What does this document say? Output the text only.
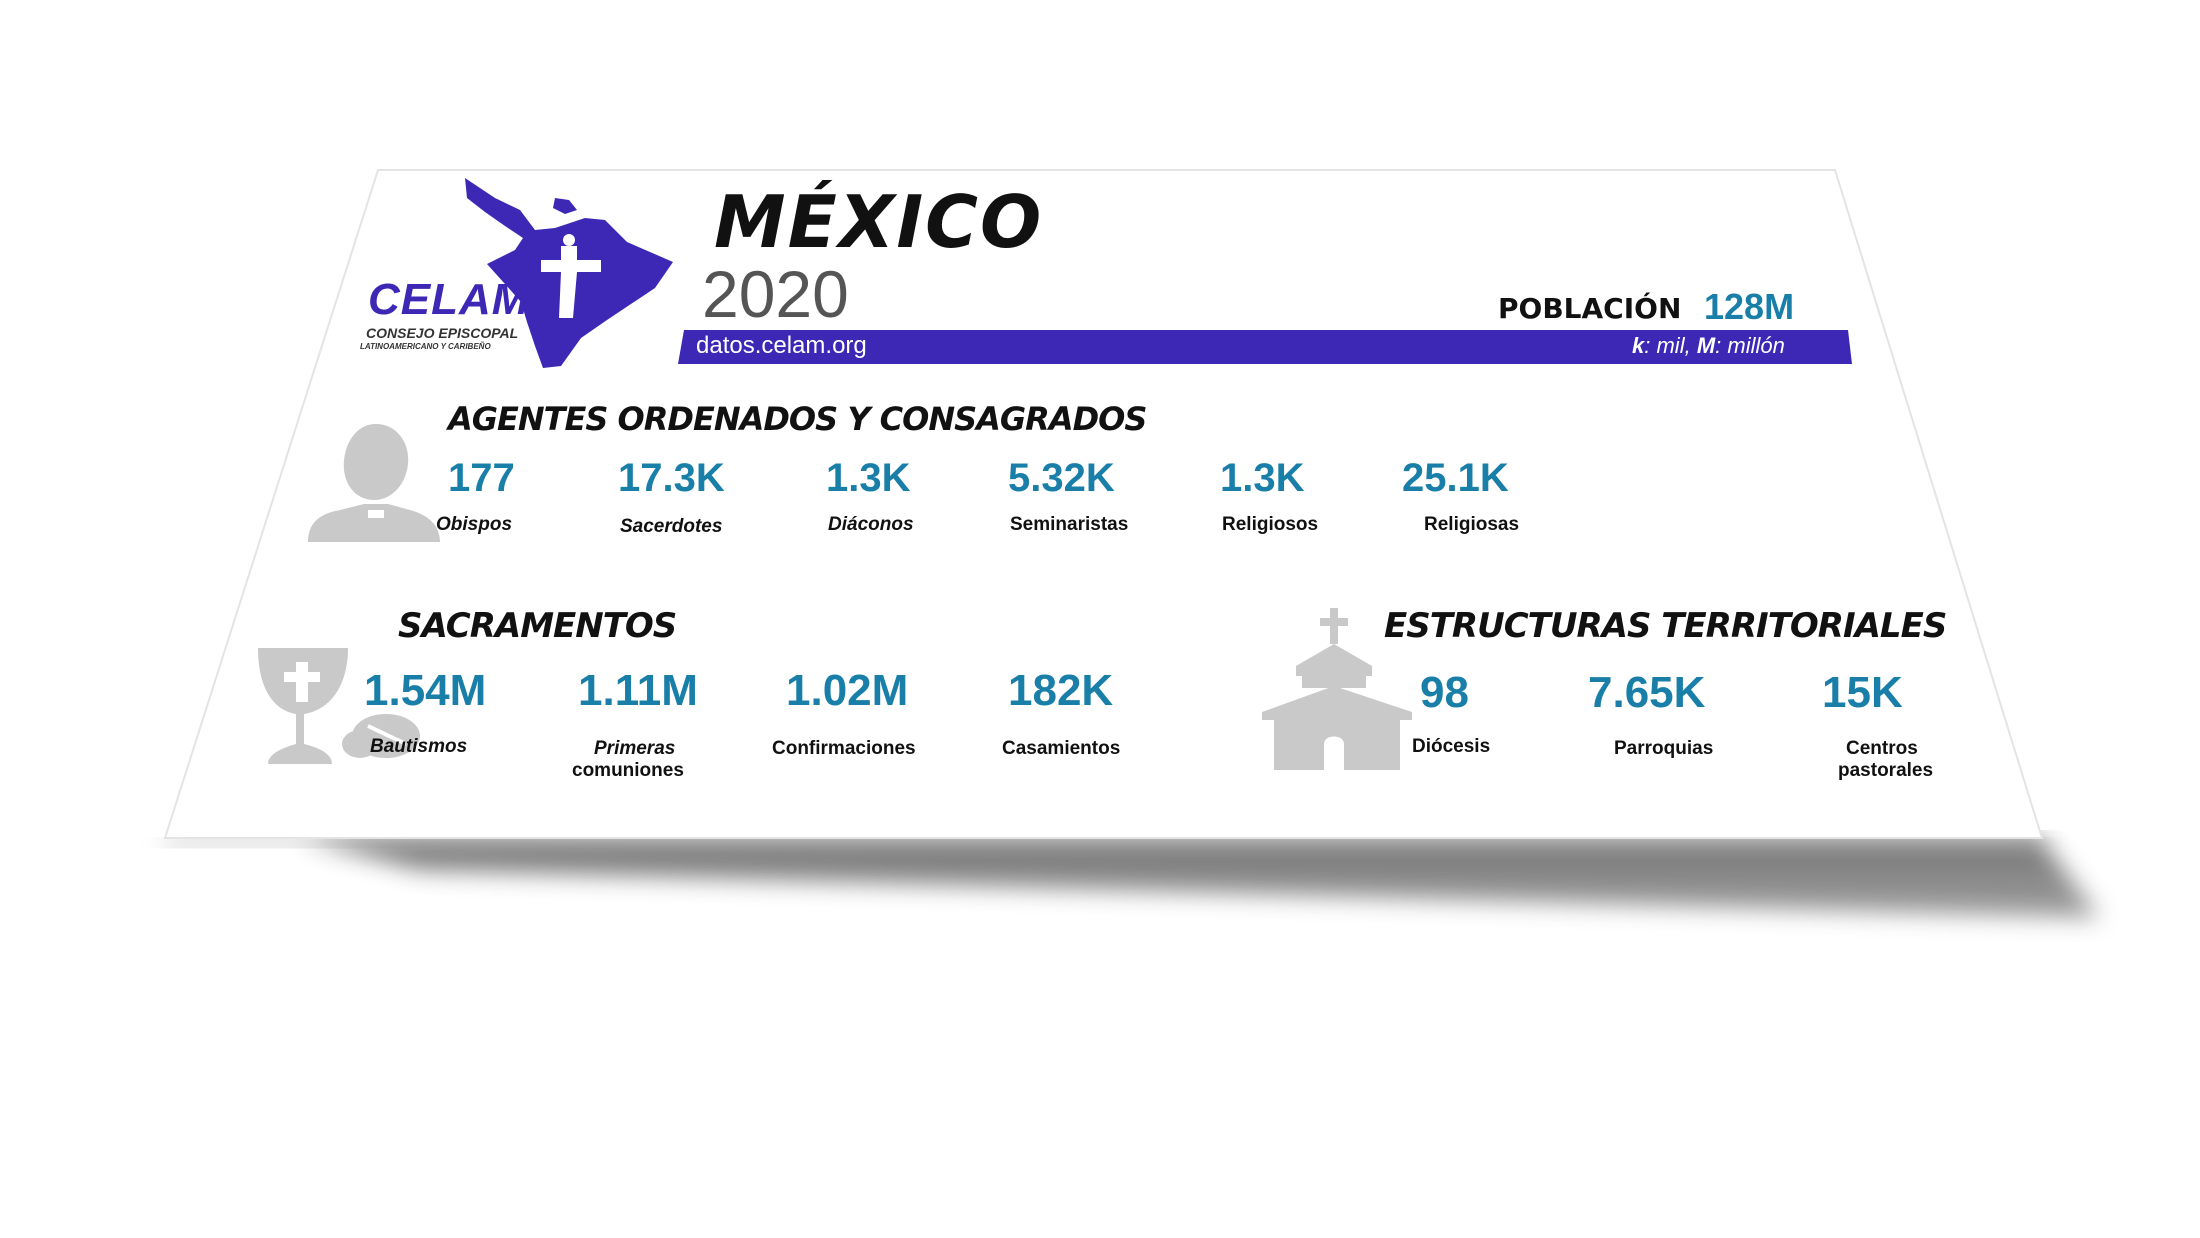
CELAM
CONSEJO EPISCOPAL
LATINOAMERICANO Y CARIBEÑO
MÉXICO
2020	POBLACIÓN 128M
datos.celam.org	k: mil, M: millón
AGENTES ORDENADOS Y CONSAGRADOS
177
Obispos
17.3K
Sacerdotes
1.3K
Diáconos
5.32K
Seminaristas
1.3K
Religiosos
25.1K
Religiosas
SACRAMENTOS
1.54M
Bautismos
1.11M
Primeras
comuniones
1.02M
Confirmaciones
182K
Casamientos
ESTRUCTURAS TERRITORIALES
98
Diócesis
7.65K
Parroquias
15K
Centros
pastorales
